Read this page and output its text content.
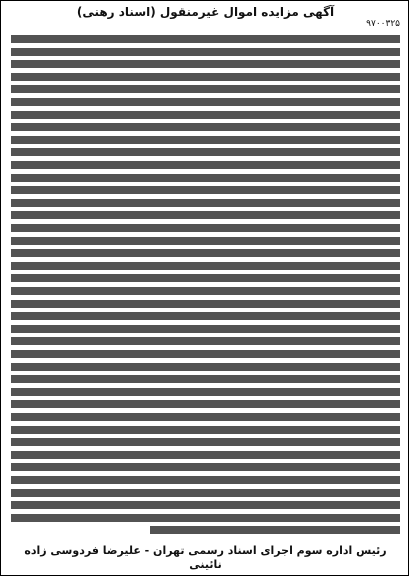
آگهی مزایده اموال غیرمنقول (اسناد رهنی)
۹۷۰۰۳۲۵
رئیس اداره سوم اجرای اسناد رسمی تهران - علیرضا فردوسی زاده نائینی
